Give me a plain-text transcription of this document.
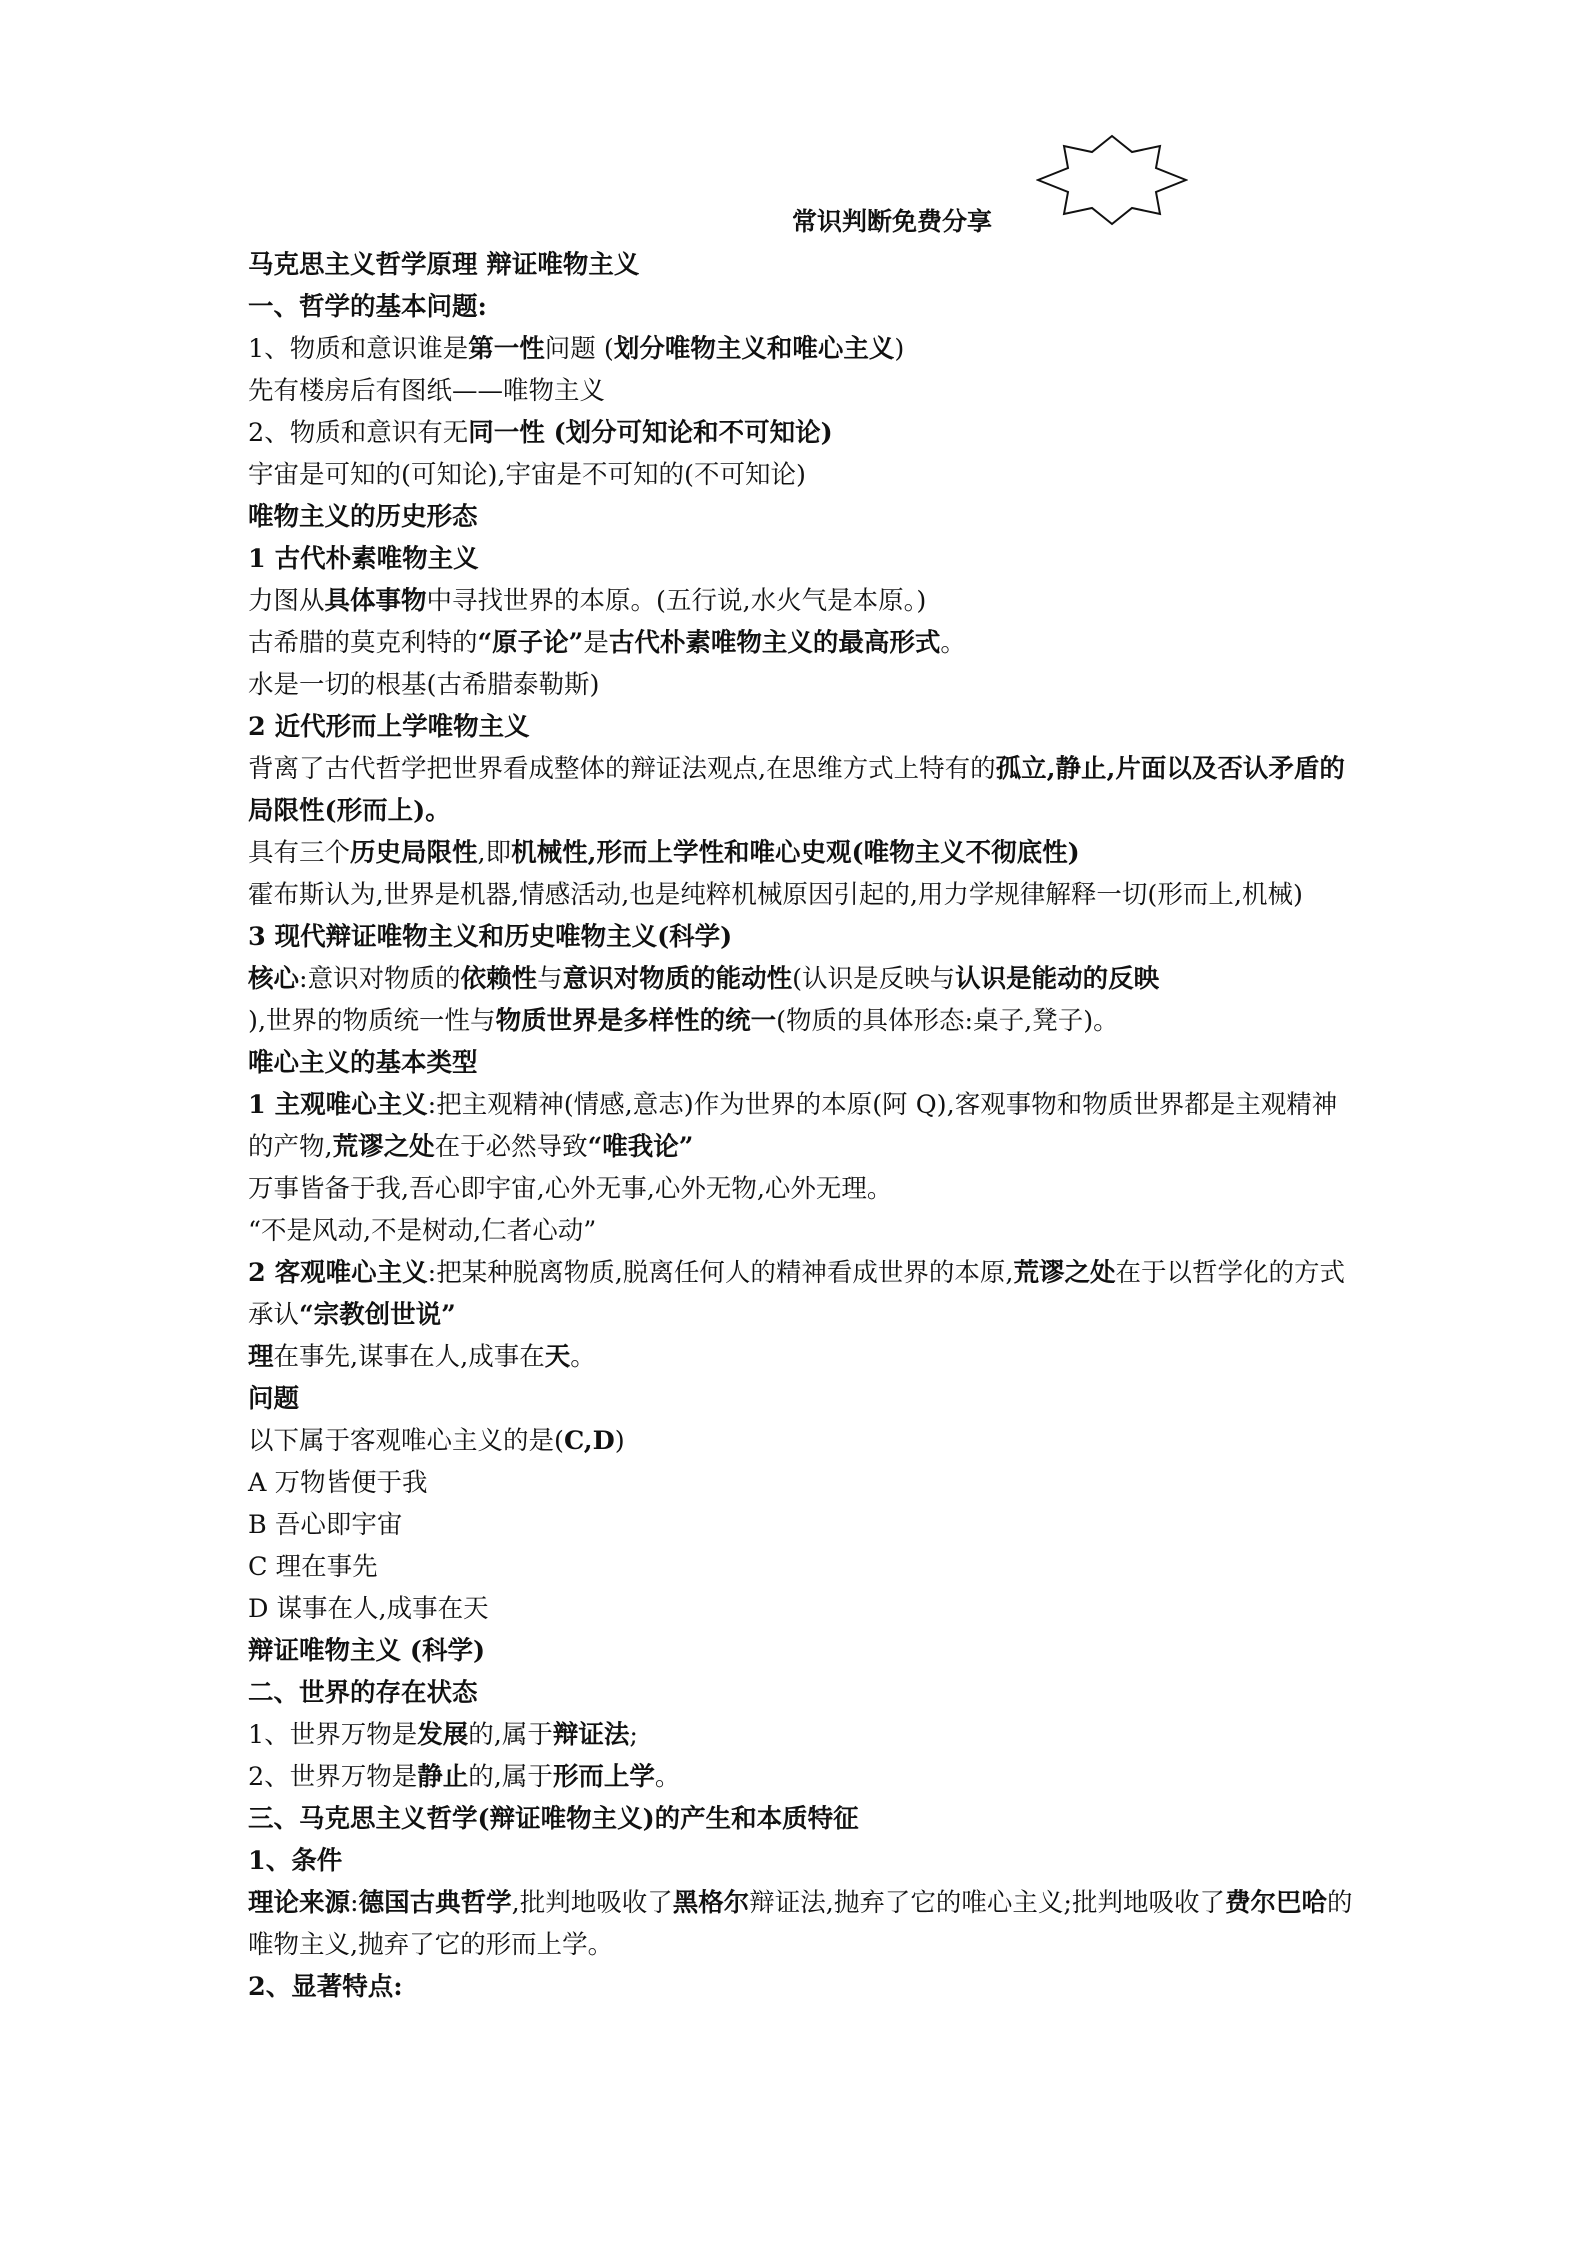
常识判断免费分享
马克思主义哲学原理 辩证唯物主义
一、哲学的基本问题:
1、物质和意识谁是第一性问题 (划分唯物主义和唯心主义)
先有楼房后有图纸——唯物主义
2、物质和意识有无同一性 (划分可知论和不可知论)
宇宙是可知的(可知论),宇宙是不可知的(不可知论)
唯物主义的历史形态
1 古代朴素唯物主义
力图从具体事物中寻找世界的本原。(五行说,水火气是本原。)
古希腊的莫克利特的“原子论”是古代朴素唯物主义的最高形式。
水是一切的根基(古希腊泰勒斯)
2 近代形而上学唯物主义
背离了古代哲学把世界看成整体的辩证法观点,在思维方式上特有的孤立,静止,片面以及否认矛盾的局限性(形而上)。
具有三个历史局限性,即机械性,形而上学性和唯心史观(唯物主义不彻底性)
霍布斯认为,世界是机器,情感活动,也是纯粹机械原因引起的,用力学规律解释一切(形而上,机械)
3 现代辩证唯物主义和历史唯物主义(科学)
核心:意识对物质的依赖性与意识对物质的能动性(认识是反映与认识是能动的反映
),世界的物质统一性与物质世界是多样性的统一(物质的具体形态:桌子,凳子)。
唯心主义的基本类型
1 主观唯心主义:把主观精神(情感,意志)作为世界的本原(阿 Q),客观事物和物质世界都是主观精神的产物,荒谬之处在于必然导致“唯我论”
万事皆备于我,吾心即宇宙,心外无事,心外无物,心外无理。
“不是风动,不是树动,仁者心动”
2 客观唯心主义:把某种脱离物质,脱离任何人的精神看成世界的本原,荒谬之处在于以哲学化的方式承认“宗教创世说”
理在事先,谋事在人,成事在天。
问题
以下属于客观唯心主义的是(C,D)
A 万物皆便于我
B 吾心即宇宙
C 理在事先
D 谋事在人,成事在天
辩证唯物主义 (科学)
二、世界的存在状态
1、世界万物是发展的,属于辩证法;
2、世界万物是静止的,属于形而上学。
三、马克思主义哲学(辩证唯物主义)的产生和本质特征
1、条件
理论来源:德国古典哲学,批判地吸收了黑格尔辩证法,抛弃了它的唯心主义;批判地吸收了费尔巴哈的唯物主义,抛弃了它的形而上学。
2、显著特点:
